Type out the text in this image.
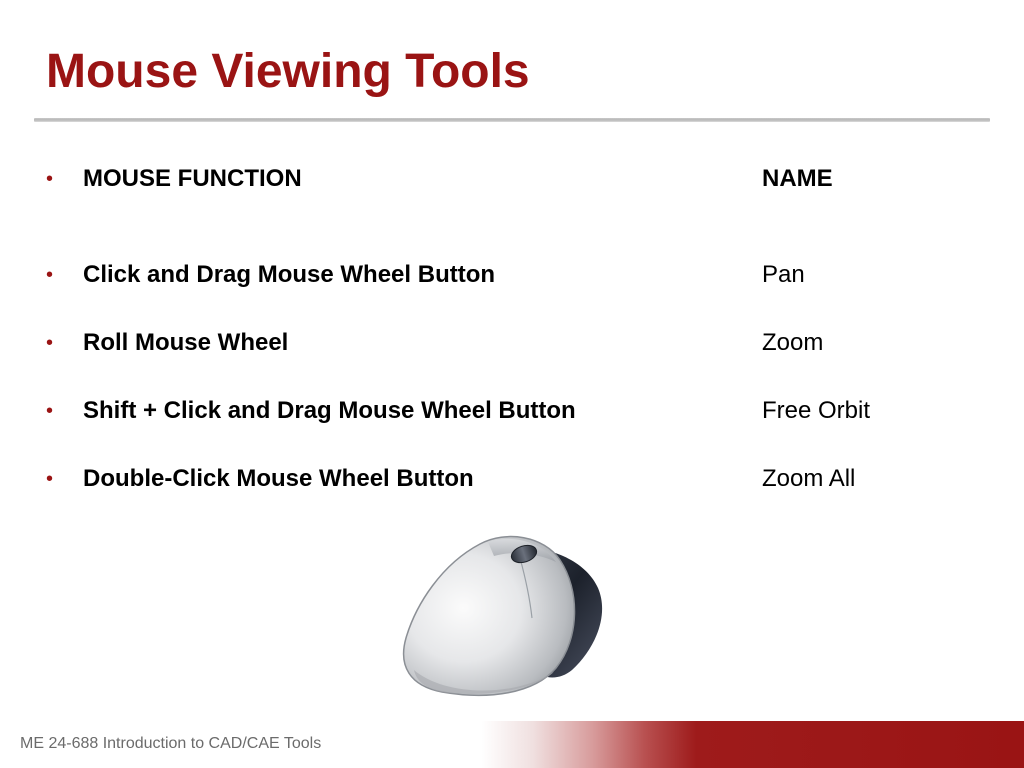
Mouse Viewing Tools
• MOUSE FUNCTION	NAME
• Click and Drag Mouse Wheel Button	Pan
• Roll Mouse Wheel	Zoom
• Shift + Click and Drag Mouse Wheel Button	Free Orbit
• Double-Click Mouse Wheel Button	Zoom All
ME 24-688 Introduction to CAD/CAE Tools
